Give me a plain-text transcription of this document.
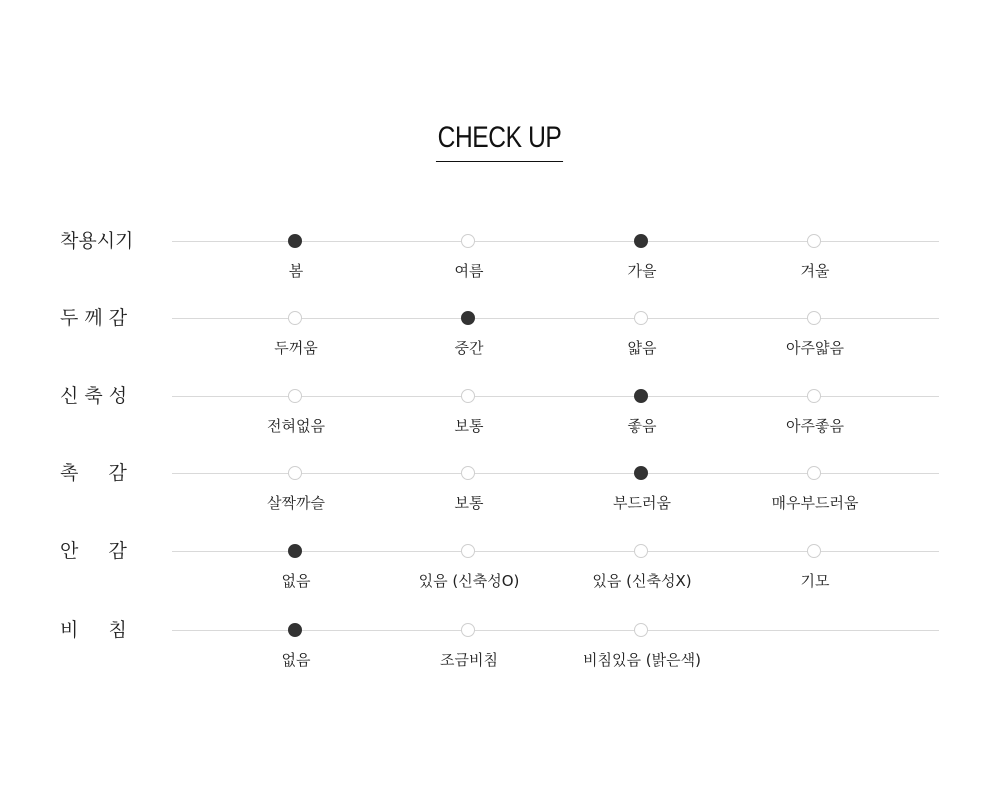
CHECK UP
착용시기
봄	여름	가을	겨울
두 께 감
두꺼움	중간	얇음	아주얇음
신 축 성
전혀없음	보통	좋음	아주좋음
촉     감
살짝까슬	보통	부드러움	매우부드러움
안     감
없음	있음 (신축성O)	있음 (신축성X)	기모
비     침
없음	조금비침	비침있음 (밝은색)
